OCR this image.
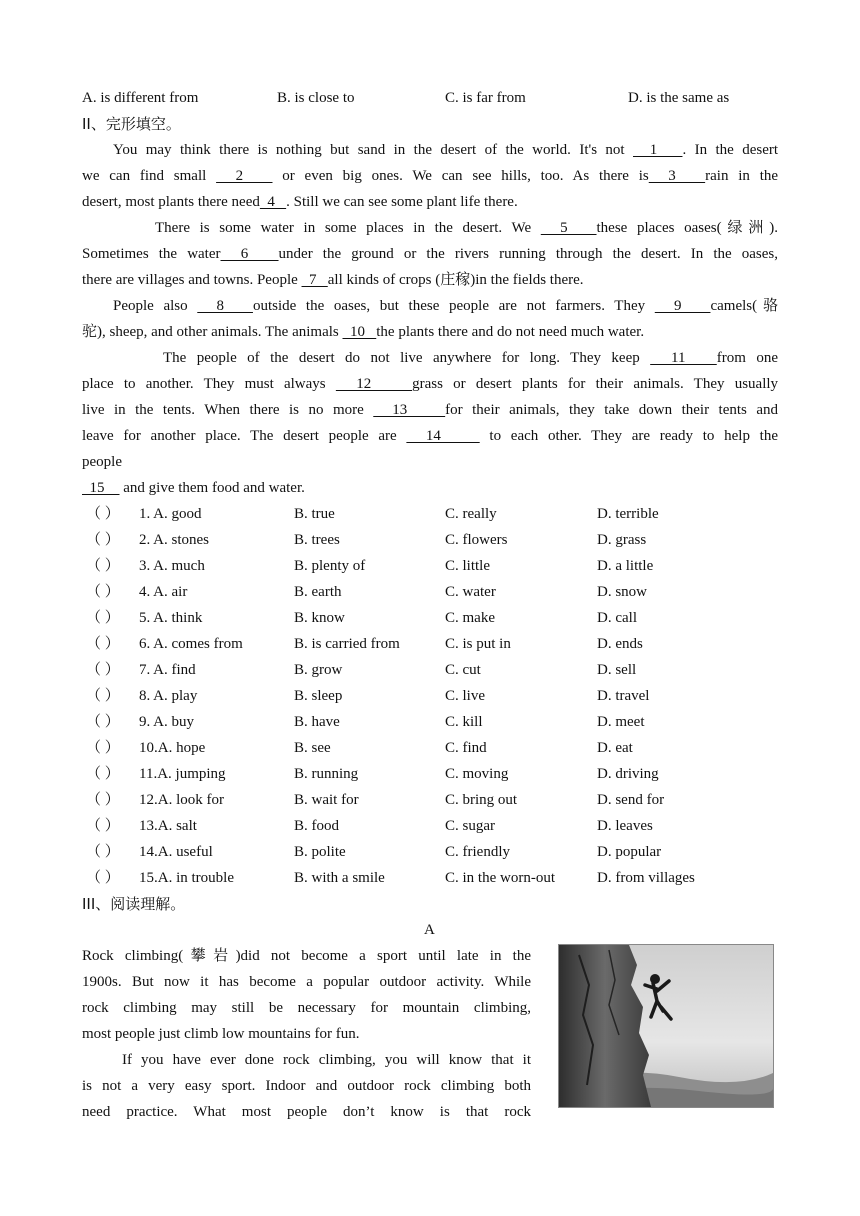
A. is different from	B. is close to	C. is far from	D. is the same as
II、完形填空。
You may think there is nothing but sand in the desert of the world. It's not   1   . In the desert
we can find small   2    or even big ones. We can see hills, too. As there is  3   rain in the
desert, most plants there need  4   . Still we can see some plant life there.
There is some water in some places in the desert. We   5   these places oases(绿洲).
Sometimes the water  6   under the ground or the rivers running through the desert. In the oases,
there are villages and towns. People   7   all kinds of crops (庄稼)in the fields there.
People also   8   outside the oases, but these people are not farmers. They   9   camels(骆
驼), sheep, and other animals. The animals   10   the plants there and do not need much water.
The people of the desert do not live anywhere for long. They keep   11   from one
place to another. They must always   12    grass or desert plants for their animals. They usually
live in the tents. When there is no more   13    for their animals, they take down their tents and
leave for another place. The desert people are   14     to each other. They are ready to help the
people
15     and give them food and water.
（ ） 1. A. good	B. true	C. really	D. terrible
（ ） 2. A. stones	B. trees	C. flowers	D. grass
（ ） 3. A. much	B. plenty of	C. little	D. a little
（ ） 4. A. air	B. earth	C. water	D. snow
（ ） 5. A. think	B. know	C. make	D. call
（ ） 6. A. comes from	B. is carried from	C. is put in	D. ends
（ ） 7. A. find	B. grow	C. cut	D. sell
（ ） 8. A. play	B. sleep	C. live	D. travel
（ ） 9. A. buy	B. have	C. kill	D. meet
（ ） 10.A. hope	B. see	C. find	D. eat
（ ） 11.A. jumping	B. running	C. moving	D. driving
（ ） 12.A. look for	B. wait for	C. bring out	D. send for
（ ） 13.A. salt	B. food	C. sugar	D. leaves
（ ） 14.A. useful	B. polite	C. friendly	D. popular
（ ） 15.A. in trouble	B. with a smile	C. in the worn-out	D. from villages
III、阅读理解。
A
Rock climbing(攀岩)did not become a sport until late in the
1900s. But now it has become a popular outdoor activity. While
rock climbing may still be necessary for mountain climbing,
most people just climb low mountains for fun.
If you have ever done rock climbing, you will know that it
is not a very easy sport. Indoor and outdoor rock climbing both
need practice. What most people don’t know is that rock
